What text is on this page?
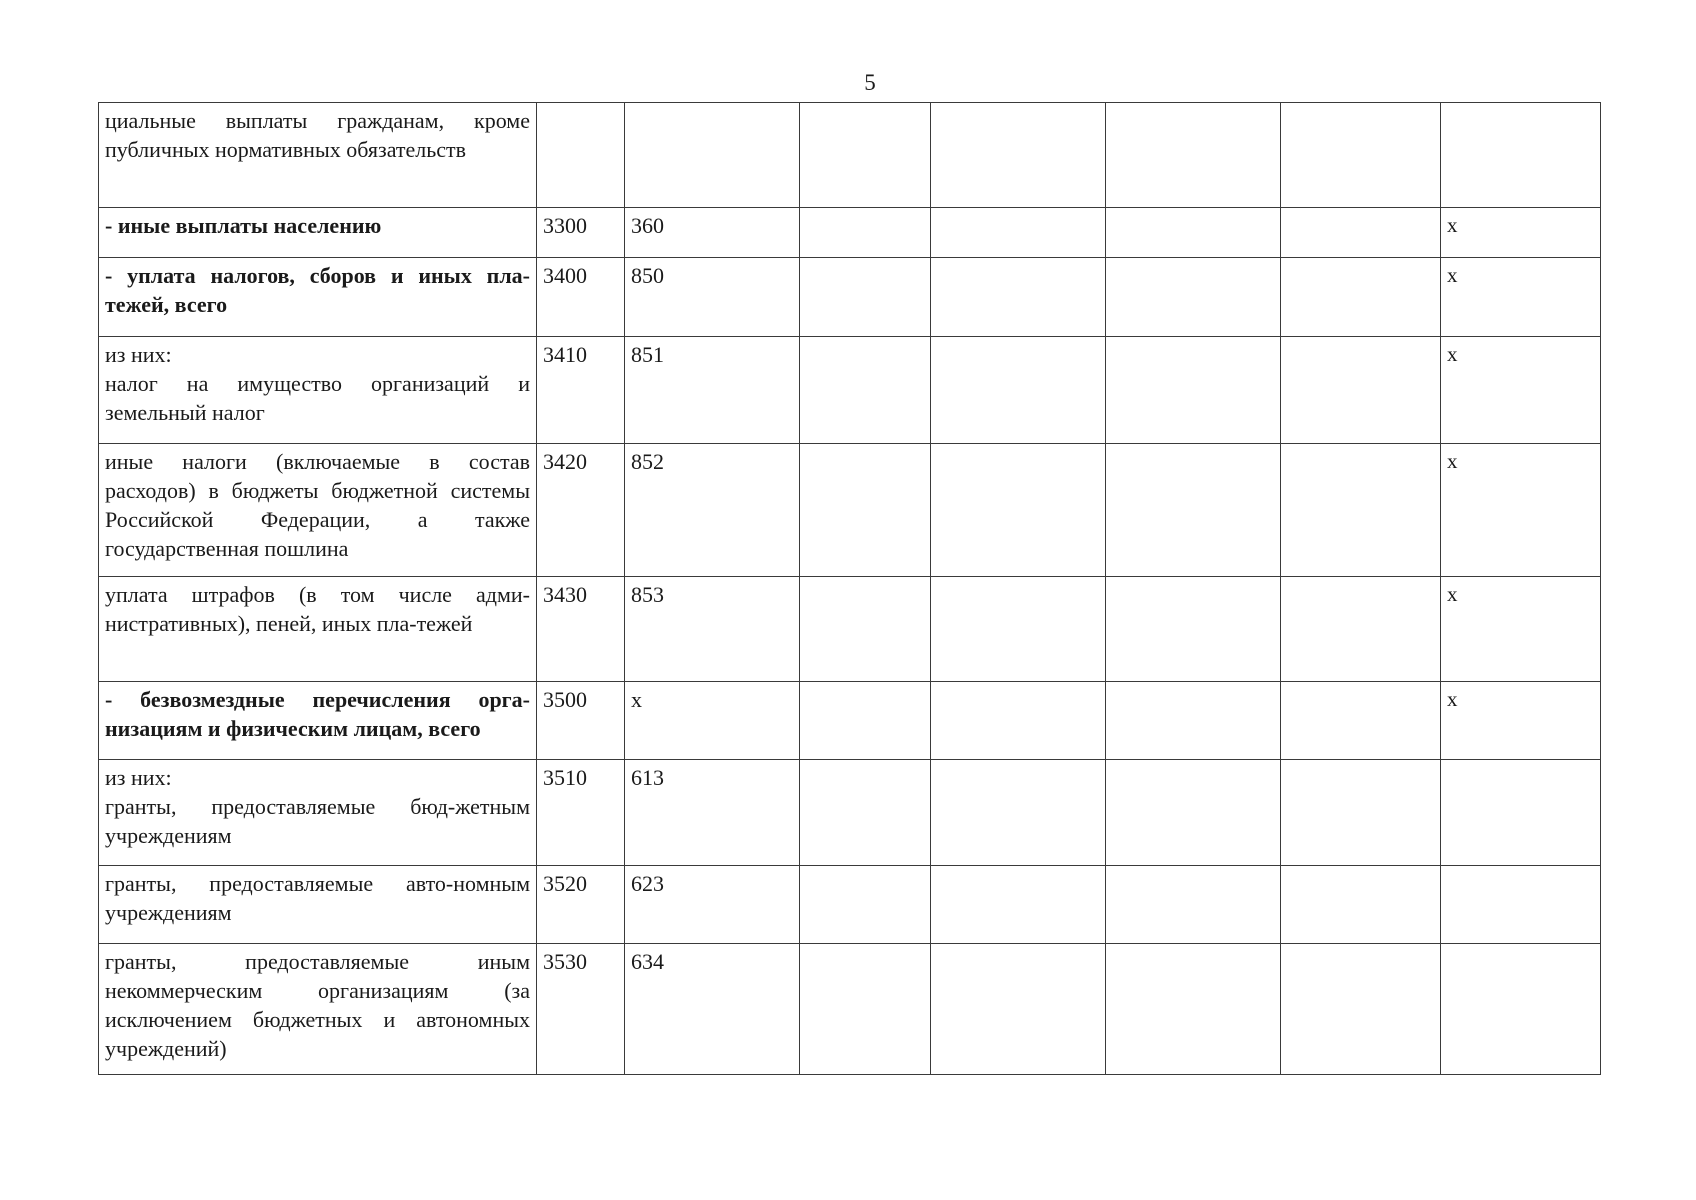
5
циальные выплаты гражданам, кроме публичных нормативных обязательств							

- иные выплаты населению	3300	360					x

- уплата налогов, сборов и иных пла-тежей, всего	3400	850					x

из них:
налог на имущество организаций и земельный налог	3410	851					x

иные налоги (включаемые в состав расходов) в бюджеты бюджетной системы Российской Федерации, а также государственная пошлина	3420	852					x

уплата штрафов (в том числе адми-нистративных), пеней, иных пла-тежей	3430	853					x

- безвозмездные перечисления орга-низациям и физическим лицам, всего	3500	x					x

из них:
гранты, предоставляемые бюд-жетным учреждениям	3510	613					

гранты, предоставляемые авто-номным учреждениям	3520	623					

гранты, предоставляемые иным некоммерческим организациям (за исключением бюджетных и автономных учреждений)	3530	634					
